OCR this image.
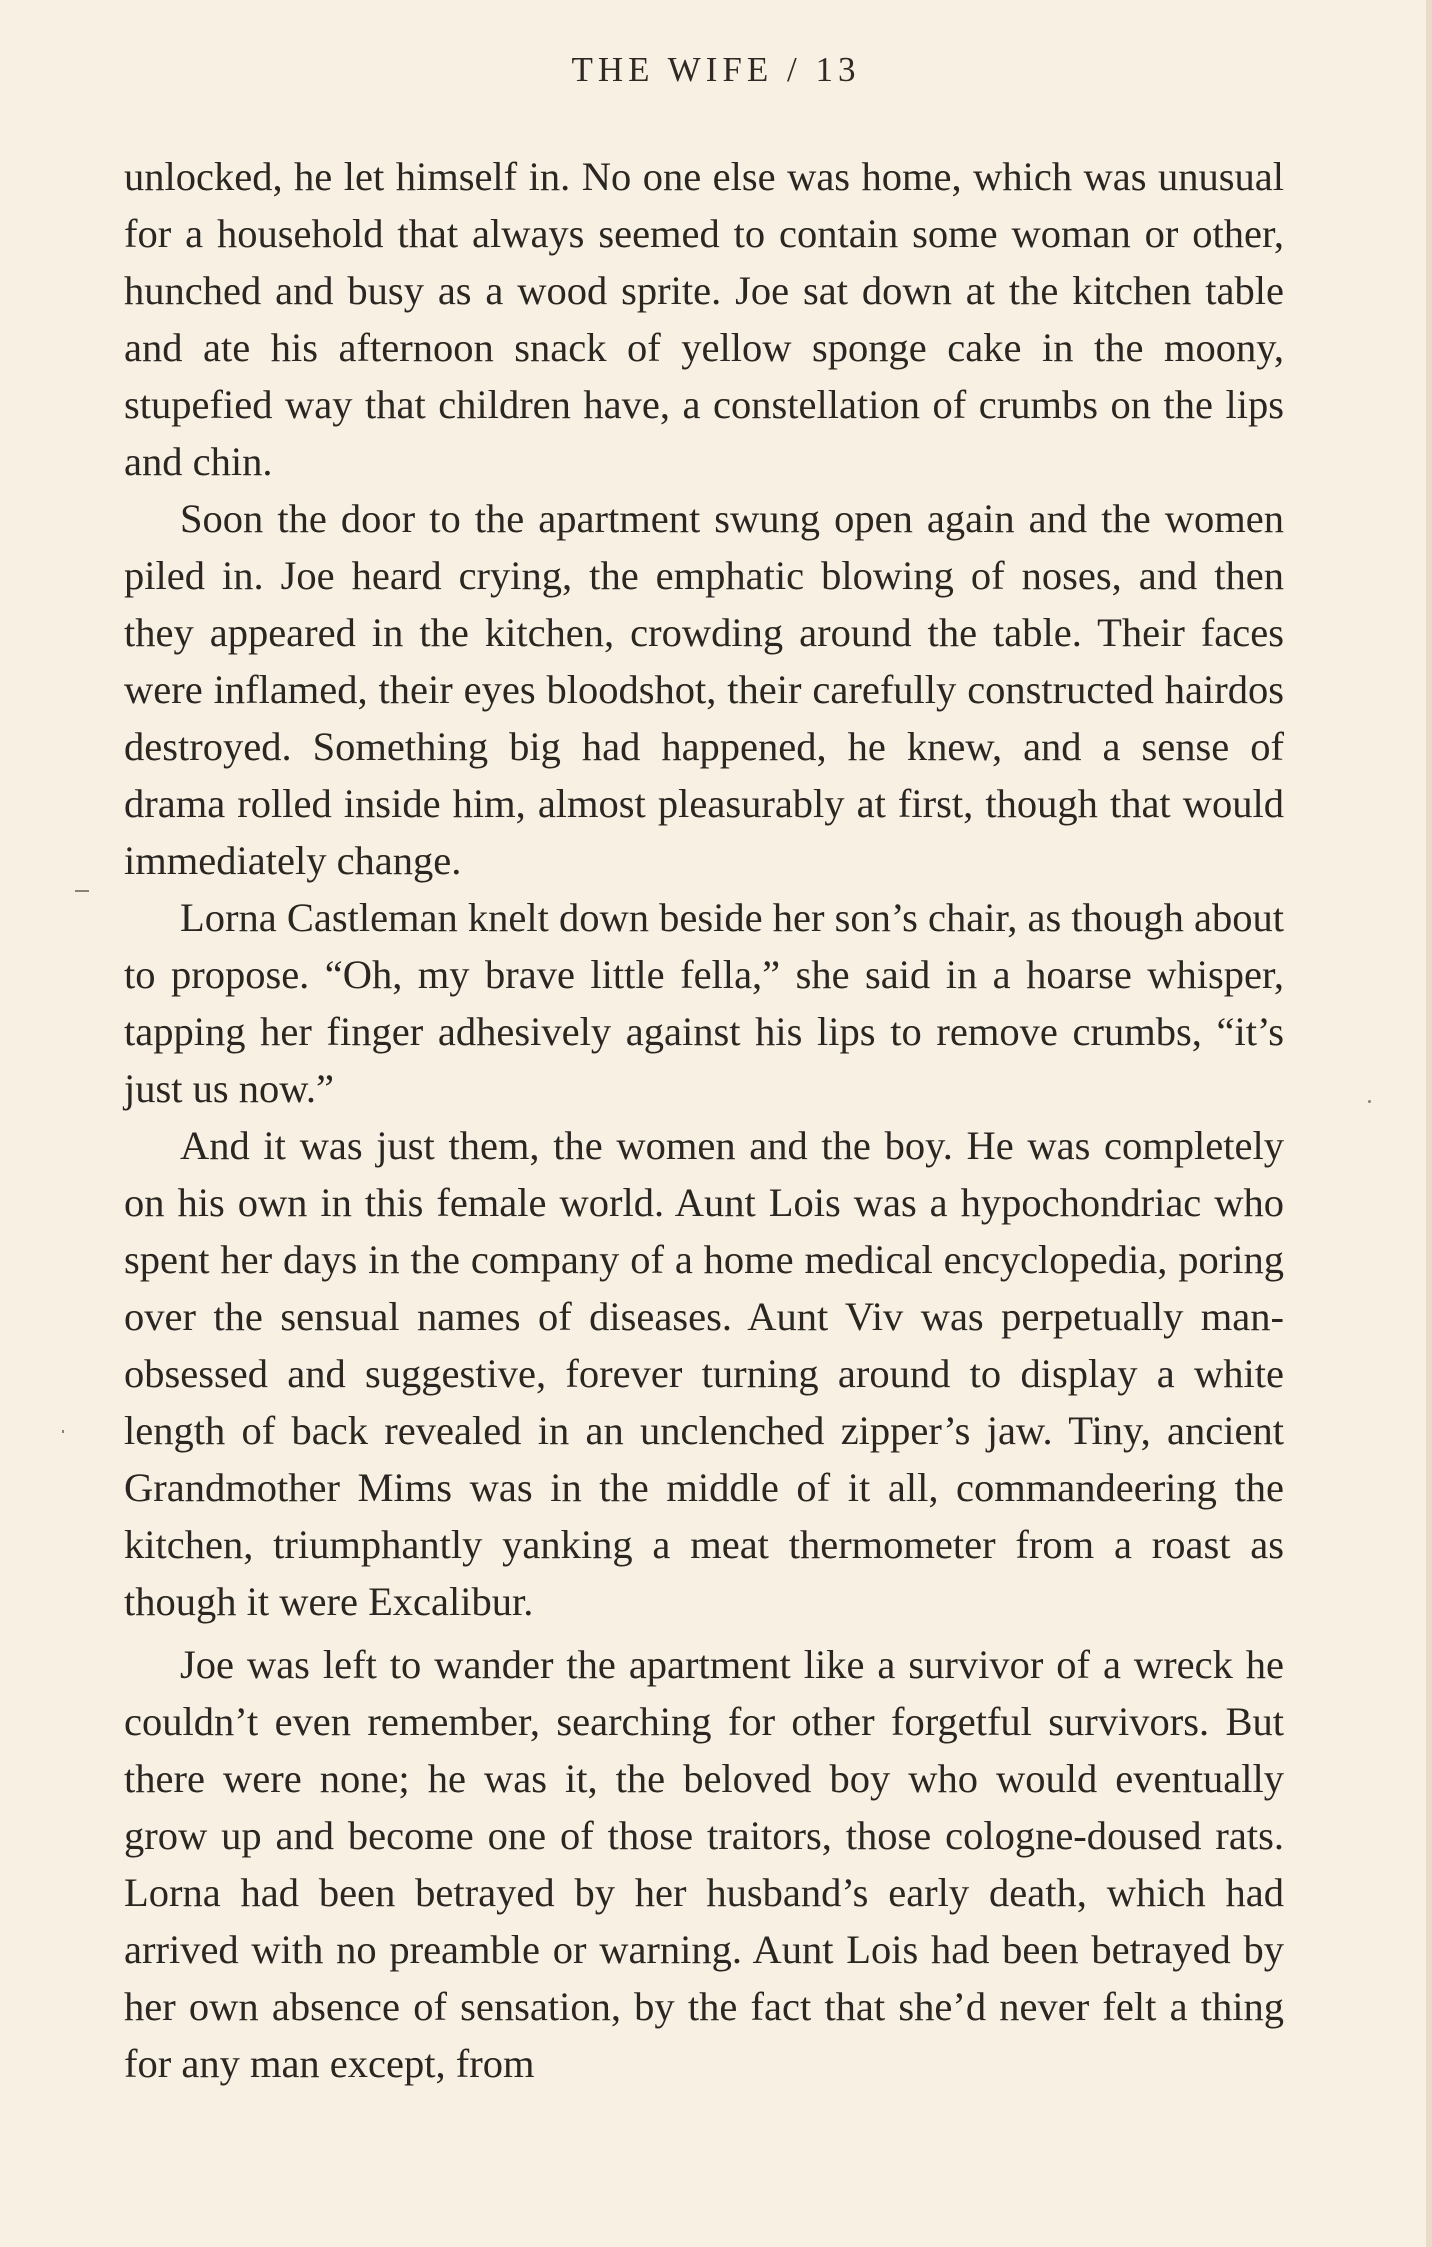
THE WIFE / 13

unlocked, he let himself in. No one else was home, which was unusual for a household that always seemed to contain some woman or other, hunched and busy as a wood sprite. Joe sat down at the kitchen table and ate his afternoon snack of yellow sponge cake in the moony, stupefied way that children have, a constellation of crumbs on the lips and chin.

Soon the door to the apartment swung open again and the women piled in. Joe heard crying, the emphatic blowing of noses, and then they appeared in the kitchen, crowding around the table. Their faces were inflamed, their eyes bloodshot, their carefully constructed hairdos destroyed. Something big had happened, he knew, and a sense of drama rolled inside him, almost pleasurably at first, though that would immediately change.

Lorna Castleman knelt down beside her son’s chair, as though about to propose. “Oh, my brave little fella,” she said in a hoarse whisper, tapping her finger adhesively against his lips to remove crumbs, “it’s just us now.”

And it was just them, the women and the boy. He was completely on his own in this female world. Aunt Lois was a hypochondriac who spent her days in the company of a home medical encyclopedia, poring over the sensual names of diseases. Aunt Viv was perpetually man-obsessed and suggestive, forever turning around to display a white length of back revealed in an unclenched zipper’s jaw. Tiny, ancient Grandmother Mims was in the middle of it all, commandeering the kitchen, triumphantly yanking a meat thermometer from a roast as though it were Excalibur.

Joe was left to wander the apartment like a survivor of a wreck he couldn’t even remember, searching for other forgetful survivors. But there were none; he was it, the beloved boy who would eventually grow up and become one of those traitors, those cologne-doused rats. Lorna had been betrayed by her husband’s early death, which had arrived with no preamble or warning. Aunt Lois had been betrayed by her own absence of sensation, by the fact that she’d never felt a thing for any man except, from
